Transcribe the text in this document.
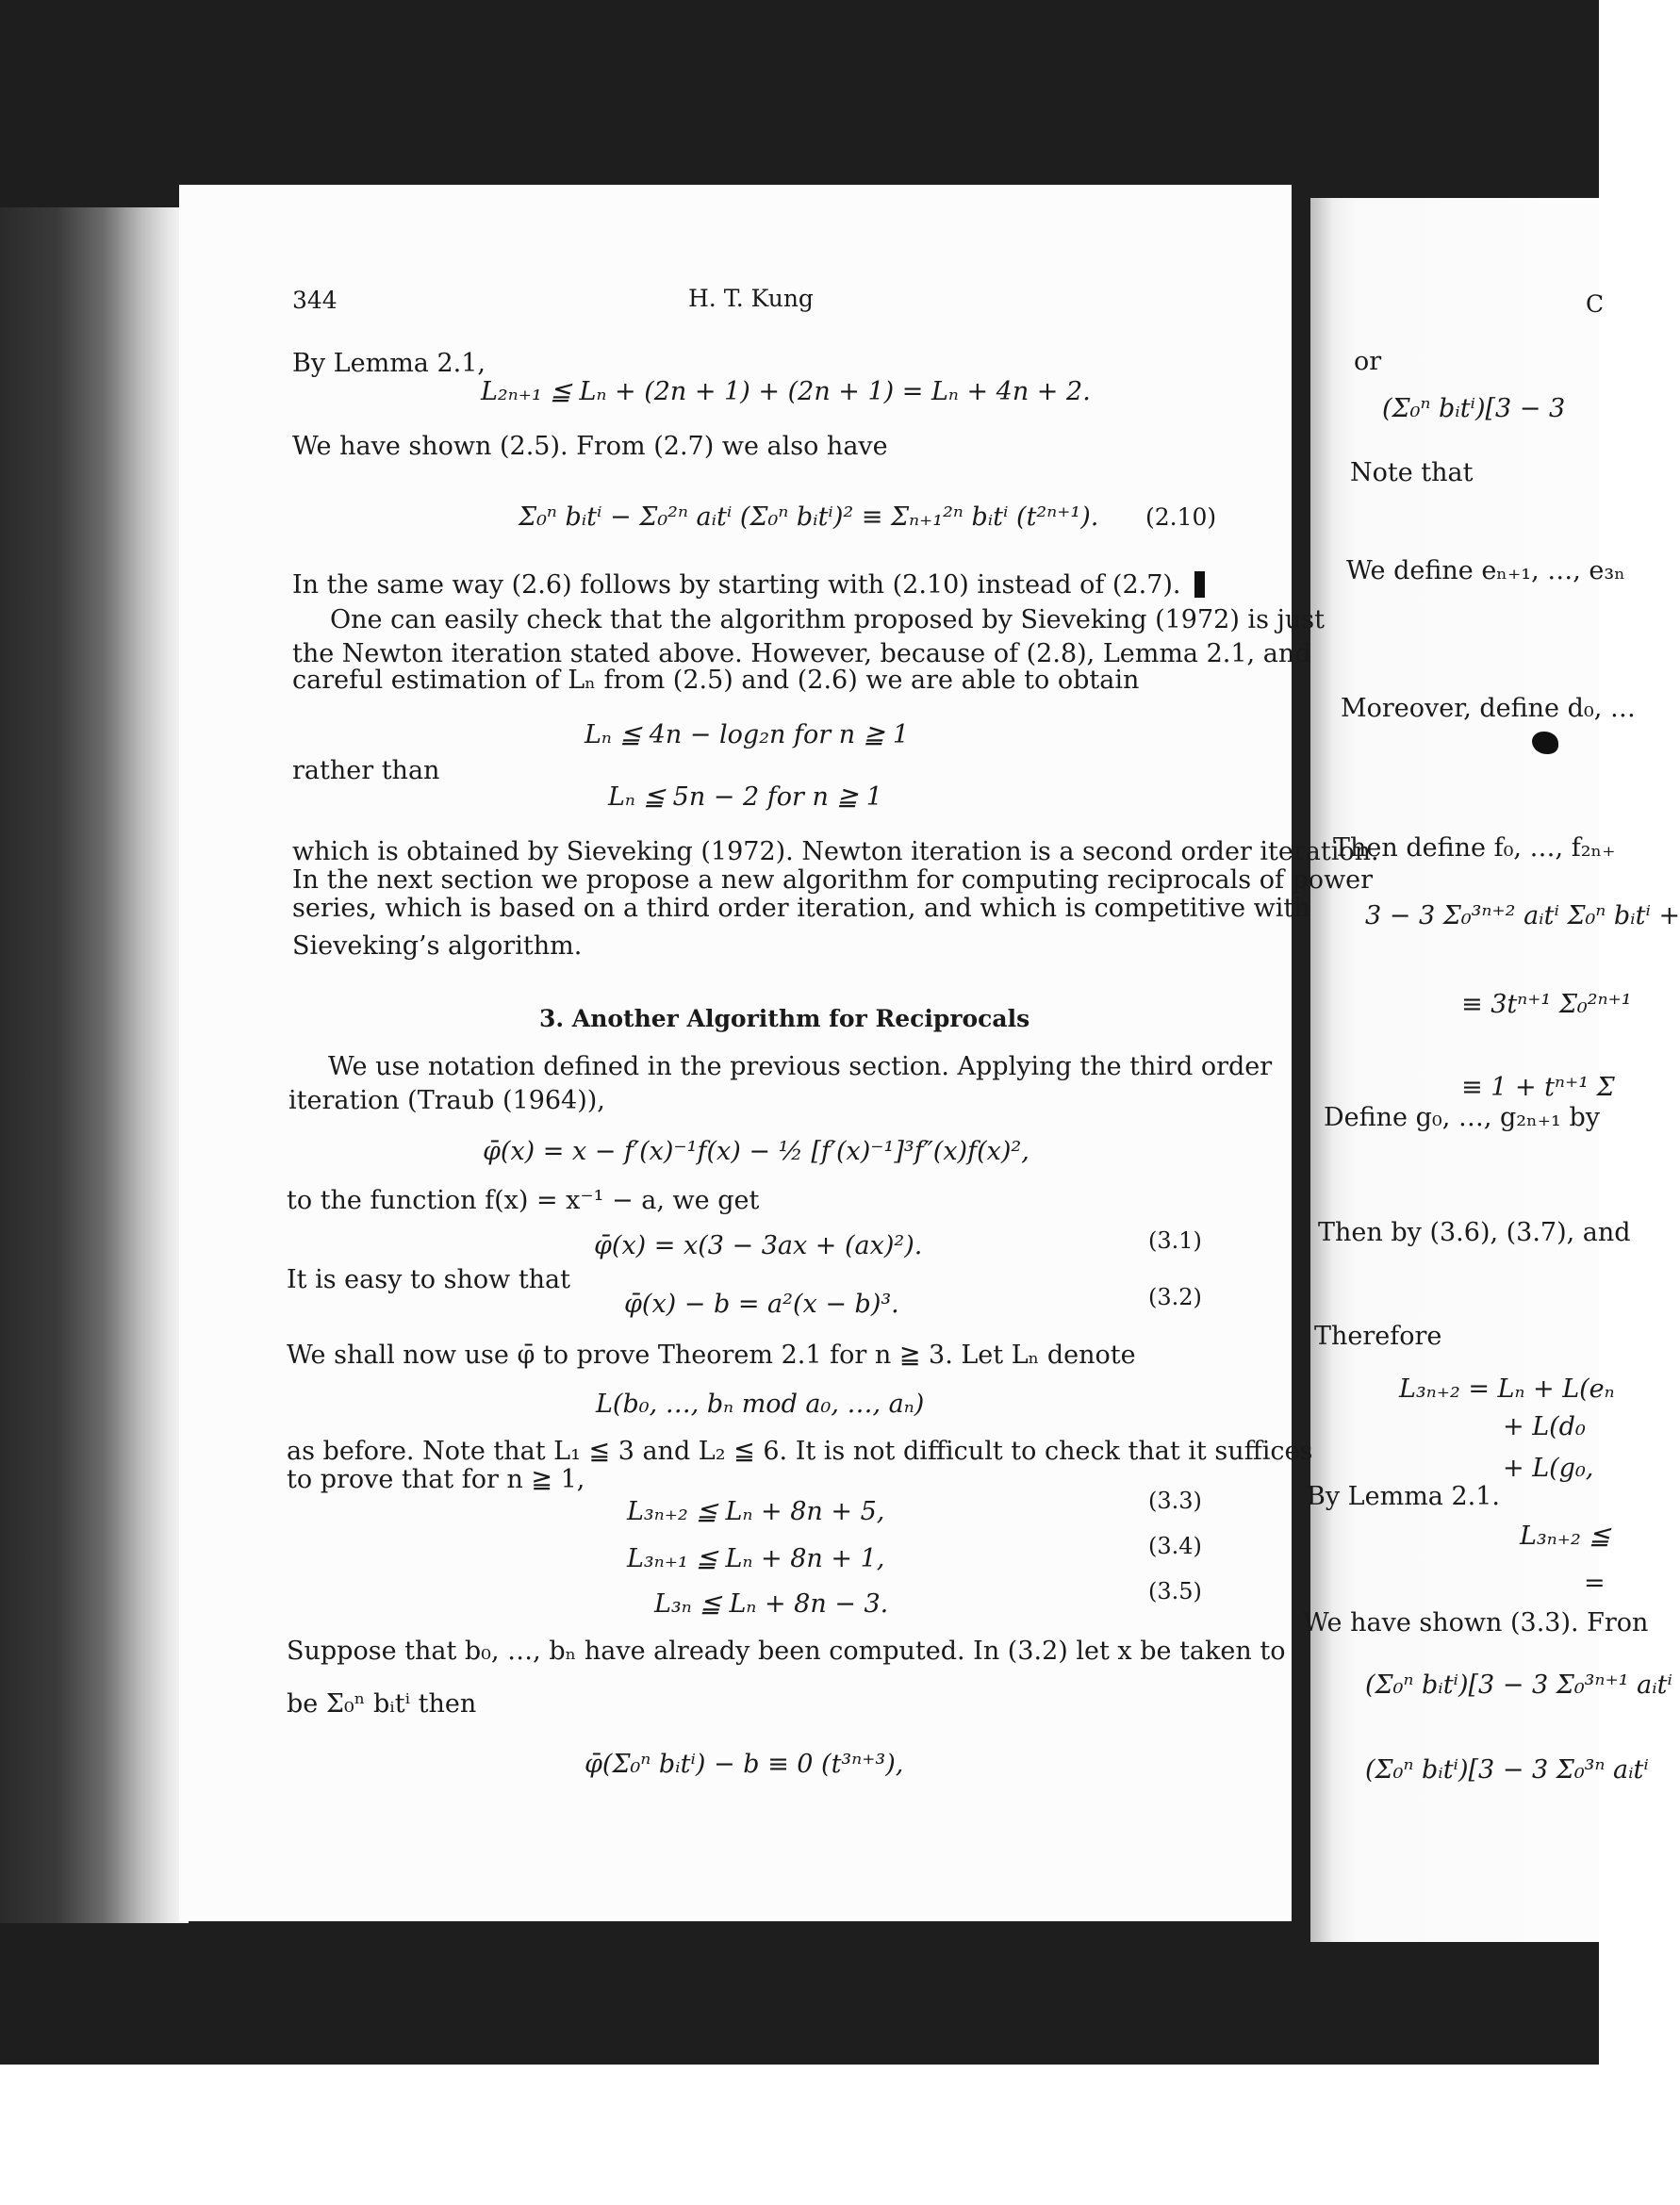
344	H. T. Kung
By Lemma 2.1,
L₂ₙ₊₁ ≦ Lₙ + (2n + 1) + (2n + 1) = Lₙ + 4n + 2.
We have shown (2.5). From (2.7) we also have
Σ₀ⁿ bᵢtⁱ − Σ₀²ⁿ aᵢtⁱ (Σ₀ⁿ bᵢtⁱ)² ≡ Σₙ₊₁²ⁿ bᵢtⁱ (t²ⁿ⁺¹). (2.10)
In the same way (2.6) follows by starting with (2.10) instead of (2.7).
One can easily check that the algorithm proposed by Sieveking (1972) is just
the Newton iteration stated above. However, because of (2.8), Lemma 2.1, and
careful estimation of Lₙ from (2.5) and (2.6) we are able to obtain
Lₙ ≦ 4n − log₂n for n ≧ 1
rather than
Lₙ ≦ 5n − 2 for n ≧ 1
which is obtained by Sieveking (1972). Newton iteration is a second order iteration.
In the next section we propose a new algorithm for computing reciprocals of power
series, which is based on a third order iteration, and which is competitive with
Sieveking’s algorithm.
3. Another Algorithm for Reciprocals
We use notation defined in the previous section. Applying the third order
iteration (Traub (1964)),
φ̄(x) = x − f′(x)⁻¹f(x) − ½ [f′(x)⁻¹]³f″(x)f(x)²,
to the function f(x) = x⁻¹ − a, we get
φ̄(x) = x(3 − 3ax + (ax)²).	(3.1)
It is easy to show that
φ̄(x) − b = a²(x − b)³.	(3.2)
We shall now use φ̄ to prove Theorem 2.1 for n ≧ 3. Let Lₙ denote
L(b₀, …, bₙ mod a₀, …, aₙ)
as before. Note that L₁ ≦ 3 and L₂ ≦ 6. It is not difficult to check that it suffices
to prove that for n ≧ 1,
L₃ₙ₊₂ ≦ Lₙ + 8n + 5,	(3.3)
L₃ₙ₊₁ ≦ Lₙ + 8n + 1,	(3.4)
L₃ₙ ≦ Lₙ + 8n − 3.	(3.5)
Suppose that b₀, …, bₙ have already been computed. In (3.2) let x be taken to
be Σ₀ⁿ bᵢtⁱ then
φ̄(Σ₀ⁿ bᵢtⁱ) − b ≡ 0 (t³ⁿ⁺³),
C
or
(Σ₀ⁿ bᵢtⁱ)[3 − 3
Note that
We define eₙ₊₁, …, e₃ₙ
Moreover, define d₀, …
Then define f₀, …, f₂ₙ₊
3 − 3 Σ₀³ⁿ⁺² aᵢtⁱ Σ₀ⁿ bᵢtⁱ +
≡ 3tⁿ⁺¹ Σ₀²ⁿ⁺¹
≡ 1 + tⁿ⁺¹ Σ
Define g₀, …, g₂ₙ₊₁ by
Then by (3.6), (3.7), and
Therefore
L₃ₙ₊₂ = Lₙ + L(eₙ
+ L(d₀
+ L(g₀,
By Lemma 2.1.
L₃ₙ₊₂ ≦
=
We have shown (3.3). Fron
(Σ₀ⁿ bᵢtⁱ)[3 − 3 Σ₀³ⁿ⁺¹ aᵢtⁱ
(Σ₀ⁿ bᵢtⁱ)[3 − 3 Σ₀³ⁿ aᵢtⁱ
